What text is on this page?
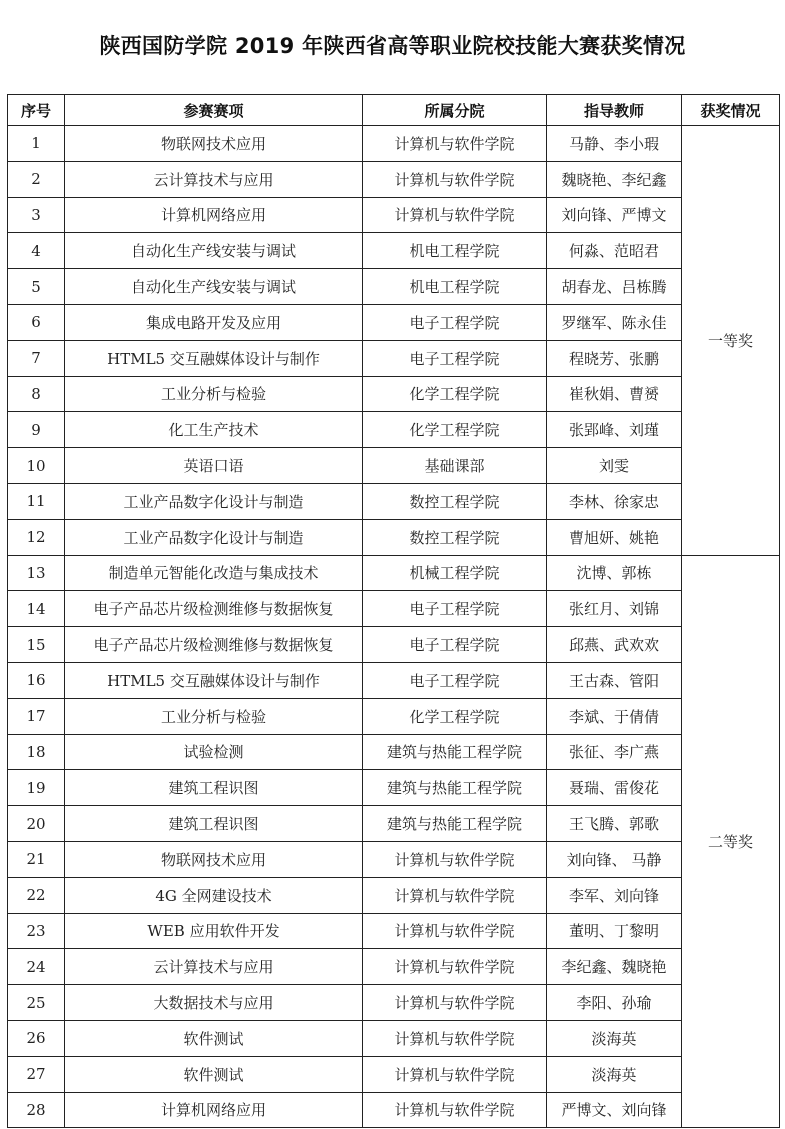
陕西国防学院 2019 年陕西省高等职业院校技能大赛获奖情况
序号	参赛赛项	所属分院	指导教师	获奖情况
1	物联网技术应用	计算机与软件学院	马静、李小瑕	一等奖
2	云计算技术与应用	计算机与软件学院	魏晓艳、李纪鑫	
3	计算机网络应用	计算机与软件学院	刘向锋、严博文	
4	自动化生产线安装与调试	机电工程学院	何淼、范昭君	
5	自动化生产线安装与调试	机电工程学院	胡春龙、吕栋腾	
6	集成电路开发及应用	电子工程学院	罗继军、陈永佳	
7	HTML5 交互融媒体设计与制作	电子工程学院	程晓芳、张鹏	
8	工业分析与检验	化学工程学院	崔秋娟、曹赟	
9	化工生产技术	化学工程学院	张郢峰、刘瑾	
10	英语口语	基础课部	刘雯	
11	工业产品数字化设计与制造	数控工程学院	李林、徐家忠	
12	工业产品数字化设计与制造	数控工程学院	曹旭妍、姚艳	
13	制造单元智能化改造与集成技术	机械工程学院	沈博、郭栋	二等奖
14	电子产品芯片级检测维修与数据恢复	电子工程学院	张红月、刘锦	
15	电子产品芯片级检测维修与数据恢复	电子工程学院	邱燕、武欢欢	
16	HTML5 交互融媒体设计与制作	电子工程学院	王古森、管阳	
17	工业分析与检验	化学工程学院	李斌、于倩倩	
18	试验检测	建筑与热能工程学院	张征、李广燕	
19	建筑工程识图	建筑与热能工程学院	聂瑞、雷俊花	
20	建筑工程识图	建筑与热能工程学院	王飞腾、郭歌	
21	物联网技术应用	计算机与软件学院	刘向锋、 马静	
22	4G 全网建设技术	计算机与软件学院	李军、刘向锋	
23	WEB 应用软件开发	计算机与软件学院	董明、丁黎明	
24	云计算技术与应用	计算机与软件学院	李纪鑫、魏晓艳	
25	大数据技术与应用	计算机与软件学院	李阳、孙瑜	
26	软件测试	计算机与软件学院	淡海英	
27	软件测试	计算机与软件学院	淡海英	
28	计算机网络应用	计算机与软件学院	严博文、刘向锋	
